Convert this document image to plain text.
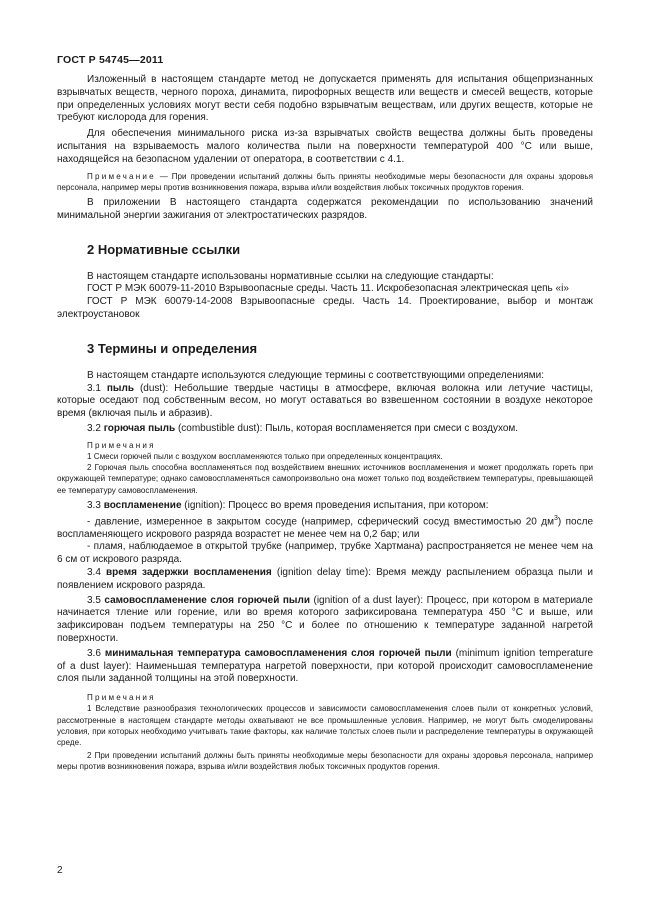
ГОСТ Р 54745—2011

Изложенный в настоящем стандарте метод не допускается применять для испытания общепризнанных взрывчатых веществ, черного пороха, динамита, пирофорных веществ или веществ и смесей веществ, которые при определенных условиях могут вести себя подобно взрывчатым веществам, или других веществ, которые не требуют кислорода для горения.

Для обеспечения минимального риска из-за взрывчатых свойств вещества должны быть проведены испытания на взрываемость малого количества пыли на поверхности температурой 400 °С или выше, находящейся на безопасном удалении от оператора, в соответствии с 4.1.

Примечание — При проведении испытаний должны быть приняты необходимые меры безопасности для охраны здоровья персонала, например меры против возникновения пожара, взрыва и/или воздействия любых токсичных продуктов горения.

В приложении В настоящего стандарта содержатся рекомендации по использованию значений минимальной энергии зажигания от электростатических разрядов.

2 Нормативные ссылки

В настоящем стандарте использованы нормативные ссылки на следующие стандарты:

ГОСТ Р МЭК 60079-11-2010 Взрывоопасные среды. Часть 11. Искробезопасная электрическая цепь «i»

ГОСТ Р МЭК 60079-14-2008 Взрывоопасные среды. Часть 14. Проектирование, выбор и монтаж электроустановок

3 Термины и определения

В настоящем стандарте используются следующие термины с соответствующими определениями:

3.1 пыль (dust): Небольшие твердые частицы в атмосфере, включая волокна или летучие частицы, которые оседают под собственным весом, но могут оставаться во взвешенном состоянии в воздухе некоторое время (включая пыль и абразив).

3.2 горючая пыль (combustible dust): Пыль, которая воспламеняется при смеси с воздухом.

Примечания

1 Смеси горючей пыли с воздухом воспламеняются только при определенных концентрациях.

2 Горючая пыль способна воспламеняться под воздействием внешних источников воспламенения и может продолжать гореть при окружающей температуре; однако самовоспламеняться самопроизвольно она может только под воздействием температуры, превышающей ее температуру самовоспламенения.

3.3 воспламенение (ignition): Процесс во время проведения испытания, при котором:

- давление, измеренное в закрытом сосуде (например, сферический сосуд вместимостью 20 $дм^3$) после воспламеняющего искрового разряда возрастет не менее чем на 0,2 бар; или

- пламя, наблюдаемое в открытой трубке (например, трубке Хартмана) распространяется не менее чем на 6 см от искрового разряда.

3.4 время задержки воспламенения (ignition delay time): Время между распылением образца пыли и появлением искрового разряда.

3.5 самовоспламенение слоя горючей пыли (ignition of a dust layer): Процесс, при котором в материале начинается тление или горение, или во время которого зафиксирована температура 450 °С и выше, или зафиксирован подъем температуры на 250 °С и более по отношению к температуре заданной нагретой поверхности.

3.6 минимальная температура самовоспламенения слоя горючей пыли (minimum ignition temperature of a dust layer): Наименьшая температура нагретой поверхности, при которой происходит самовоспламенение слоя пыли заданной толщины на этой поверхности.

Примечания

1 Вследствие разнообразия технологических процессов и зависимости самовоспламенения слоев пыли от конкретных условий, рассмотренные в настоящем стандарте методы охватывают не все промышленные условия. Например, не могут быть смоделированы условия, при которых необходимо учитывать такие факторы, как наличие толстых слоев пыли и распределение температуры в окружающей среде.

2 При проведении испытаний должны быть приняты необходимые меры безопасности для охраны здоровья персонала, например меры против возникновения пожара, взрыва и/или воздействия любых токсичных продуктов горения.

2
